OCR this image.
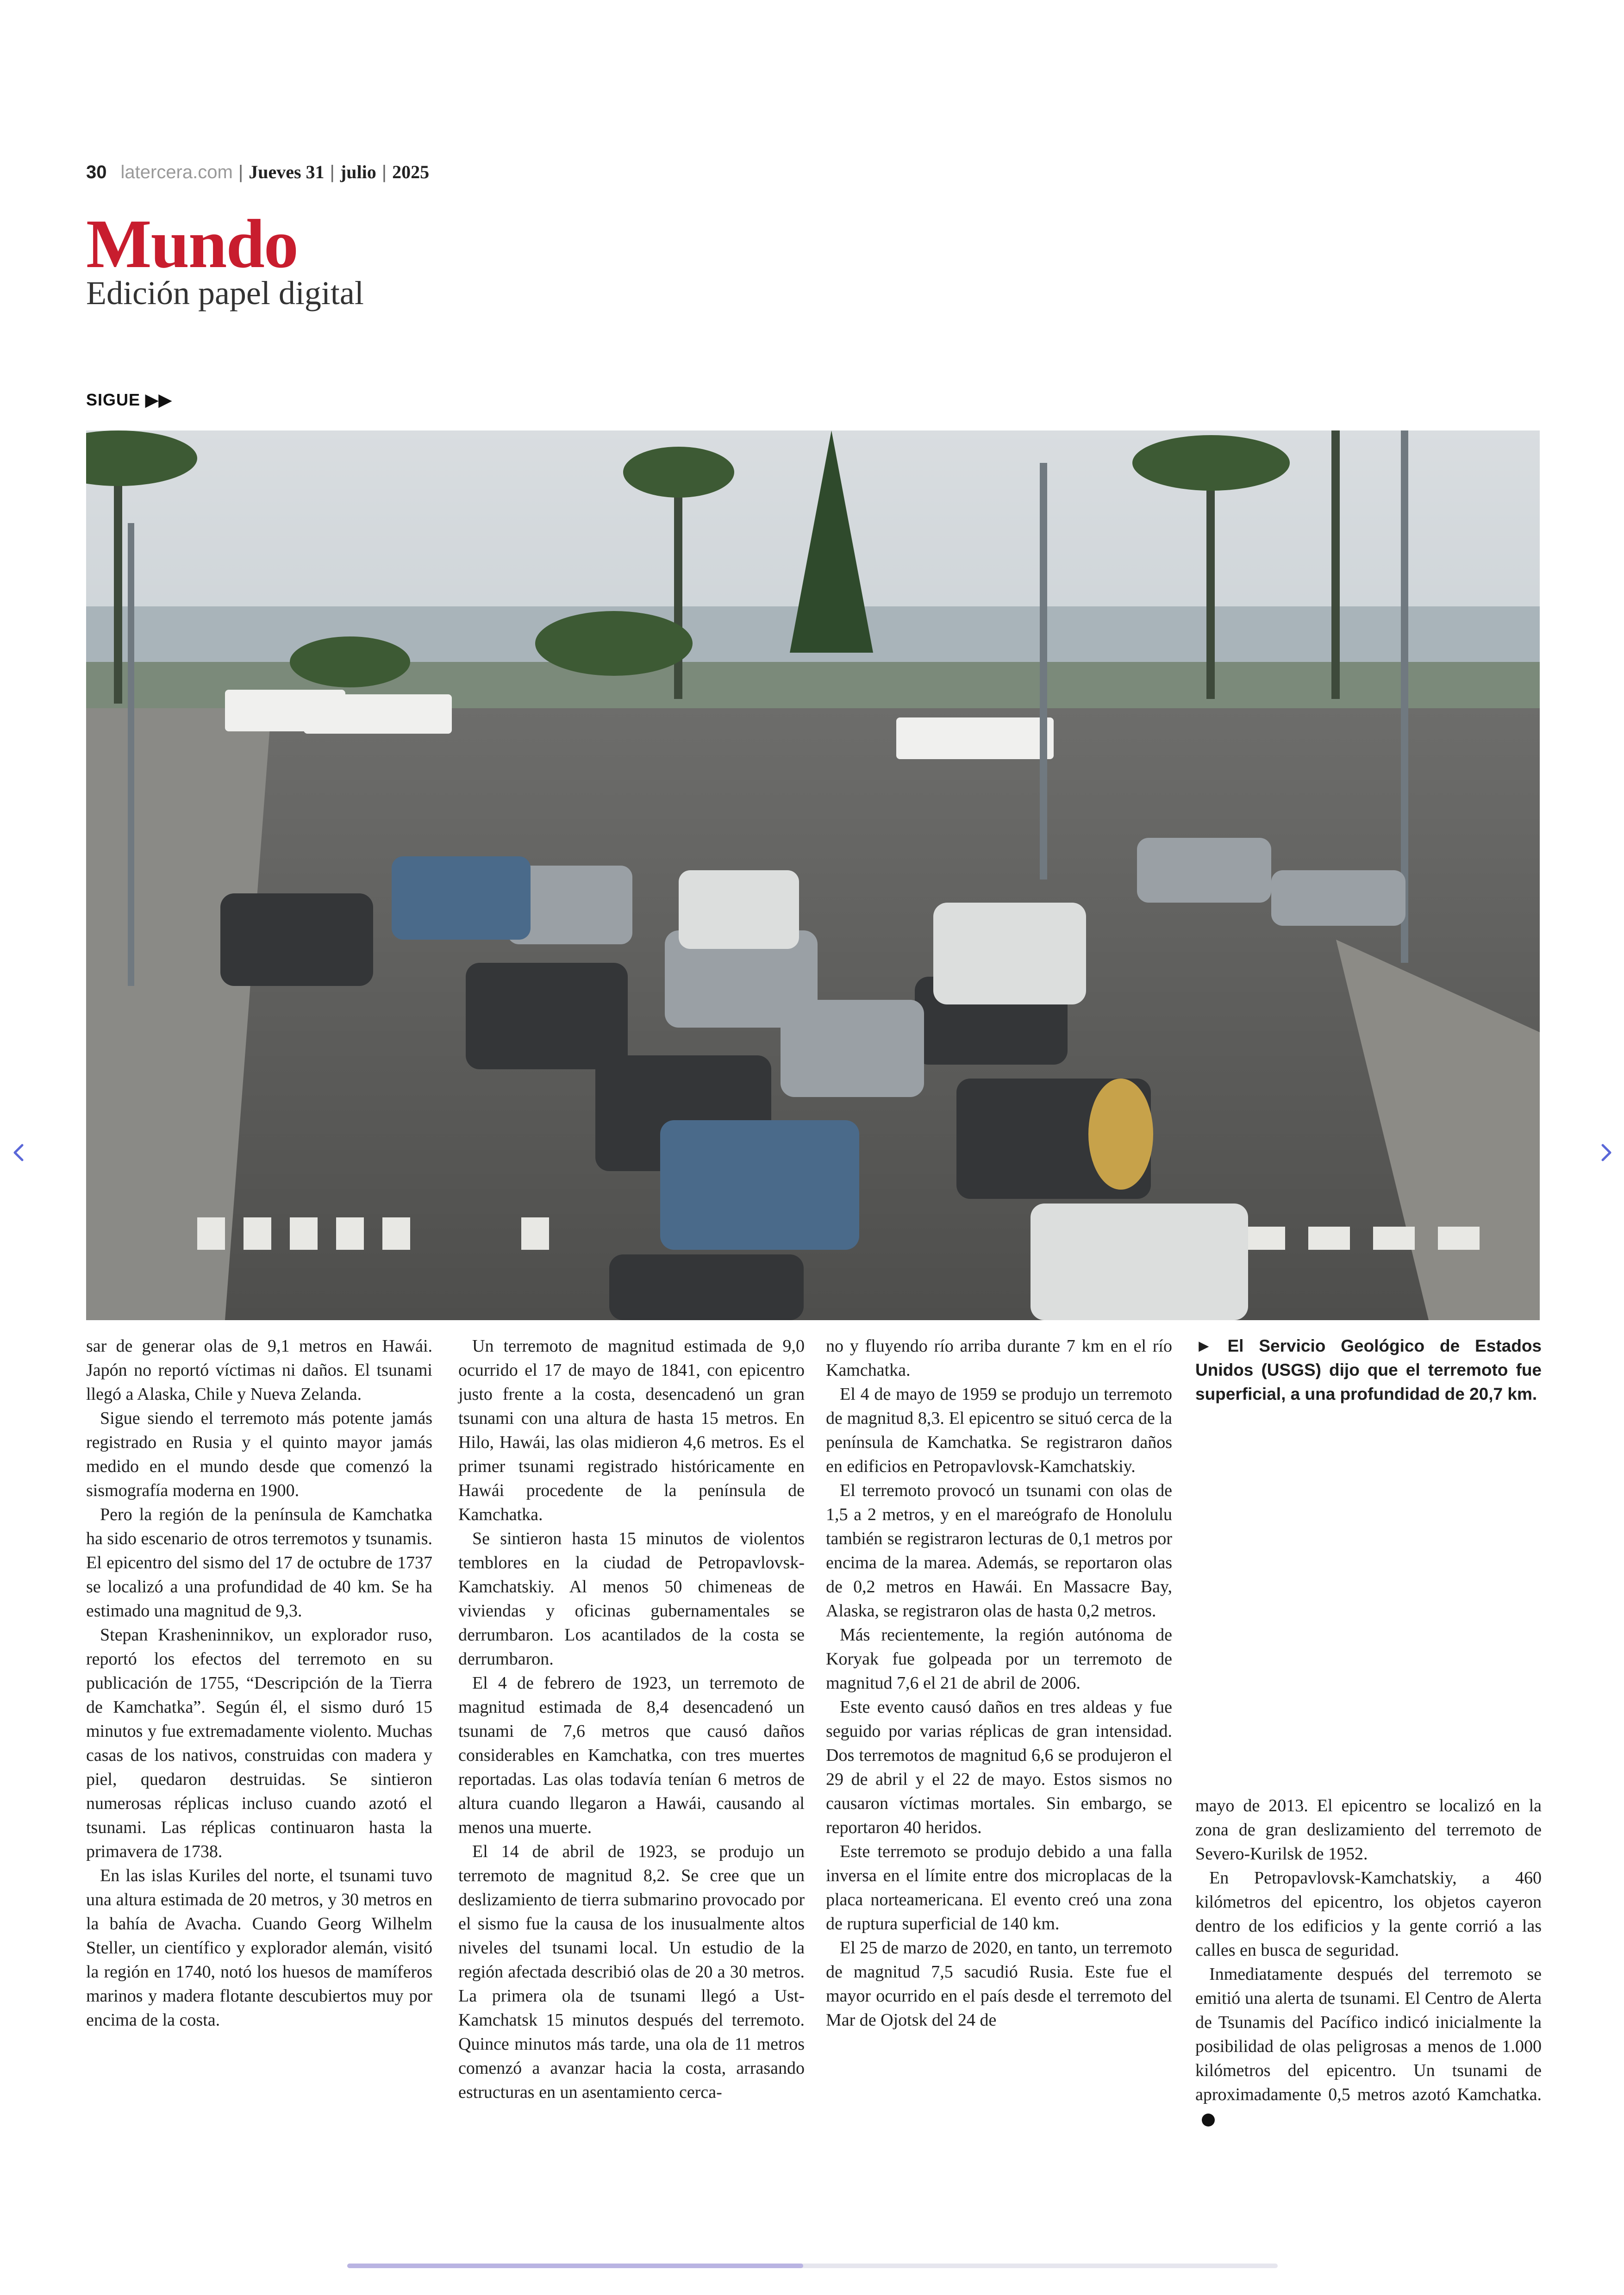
30 latercera.com | Jueves 31 | julio | 2025
Mundo
Edición papel digital
SIGUE ▶▶

sar de generar olas de 9,1 metros en Hawái. Japón no reportó víctimas ni daños. El tsunami llegó a Alaska, Chile y Nueva Zelanda.

Sigue siendo el terremoto más potente jamás registrado en Rusia y el quinto mayor jamás medido en el mundo desde que comenzó la sismografía moderna en 1900.

Pero la región de la península de Kamchatka ha sido escenario de otros terremotos y tsunamis. El epicentro del sismo del 17 de octubre de 1737 se localizó a una profundidad de 40 km. Se ha estimado una magnitud de 9,3.

Stepan Krasheninnikov, un explorador ruso, reportó los efectos del terremoto en su publicación de 1755, “Descripción de la Tierra de Kamchatka”. Según él, el sismo duró 15 minutos y fue extremadamente violento. Muchas casas de los nativos, construidas con madera y piel, quedaron destruidas. Se sintieron numerosas réplicas incluso cuando azotó el tsunami. Las réplicas continuaron hasta la primavera de 1738.

En las islas Kuriles del norte, el tsunami tuvo una altura estimada de 20 metros, y 30 metros en la bahía de Avacha. Cuando Georg Wilhelm Steller, un científico y explorador alemán, visitó la región en 1740, notó los huesos de mamíferos marinos y madera flotante descubiertos muy por encima de la costa.

Un terremoto de magnitud estimada de 9,0 ocurrido el 17 de mayo de 1841, con epicentro justo frente a la costa, desencadenó un gran tsunami con una altura de hasta 15 metros. En Hilo, Hawái, las olas midieron 4,6 metros. Es el primer tsunami registrado históricamente en Hawái procedente de la península de Kamchatka.

Se sintieron hasta 15 minutos de violentos temblores en la ciudad de Petropavlovsk-Kamchatskiy. Al menos 50 chimeneas de viviendas y oficinas gubernamentales se derrumbaron. Los acantilados de la costa se derrumbaron.

El 4 de febrero de 1923, un terremoto de magnitud estimada de 8,4 desencadenó un tsunami de 7,6 metros que causó daños considerables en Kamchatka, con tres muertes reportadas. Las olas todavía tenían 6 metros de altura cuando llegaron a Hawái, causando al menos una muerte.

El 14 de abril de 1923, se produjo un terremoto de magnitud 8,2. Se cree que un deslizamiento de tierra submarino provocado por el sismo fue la causa de los inusualmente altos niveles del tsunami local. Un estudio de la región afectada describió olas de 20 a 30 metros. La primera ola de tsunami llegó a Ust-Kamchatsk 15 minutos después del terremoto. Quince minutos más tarde, una ola de 11 metros comenzó a avanzar hacia la costa, arrasando estructuras en un asentamiento cerca-

no y fluyendo río arriba durante 7 km en el río Kamchatka.

El 4 de mayo de 1959 se produjo un terremoto de magnitud 8,3. El epicentro se situó cerca de la península de Kamchatka. Se registraron daños en edificios en Petropavlovsk-Kamchatskiy.

El terremoto provocó un tsunami con olas de 1,5 a 2 metros, y en el mareógrafo de Honolulu también se registraron lecturas de 0,1 metros por encima de la marea. Además, se reportaron olas de 0,2 metros en Hawái. En Massacre Bay, Alaska, se registraron olas de hasta 0,2 metros.

Más recientemente, la región autónoma de Koryak fue golpeada por un terremoto de magnitud 7,6 el 21 de abril de 2006.

Este evento causó daños en tres aldeas y fue seguido por varias réplicas de gran intensidad. Dos terremotos de magnitud 6,6 se produjeron el 29 de abril y el 22 de mayo. Estos sismos no causaron víctimas mortales. Sin embargo, se reportaron 40 heridos.

Este terremoto se produjo debido a una falla inversa en el límite entre dos microplacas de la placa norteamericana. El evento creó una zona de ruptura superficial de 140 km.

El 25 de marzo de 2020, en tanto, un terremoto de magnitud 7,5 sacudió Rusia. Este fue el mayor ocurrido en el país desde el terremoto del Mar de Ojotsk del 24 de

► El Servicio Geológico de Estados Unidos (USGS) dijo que el terremoto fue superficial, a una profundidad de 20,7 km.

mayo de 2013. El epicentro se localizó en la zona de gran deslizamiento del terremoto de Severo-Kurilsk de 1952.

En Petropavlovsk-Kamchatskiy, a 460 kilómetros del epicentro, los objetos cayeron dentro de los edificios y la gente corrió a las calles en busca de seguridad.

Inmediatamente después del terremoto se emitió una alerta de tsunami. El Centro de Alerta de Tsunamis del Pacífico indicó inicialmente la posibilidad de olas peligrosas a menos de 1.000 kilómetros del epicentro. Un tsunami de aproximadamente 0,5 metros azotó Kamchatka.
